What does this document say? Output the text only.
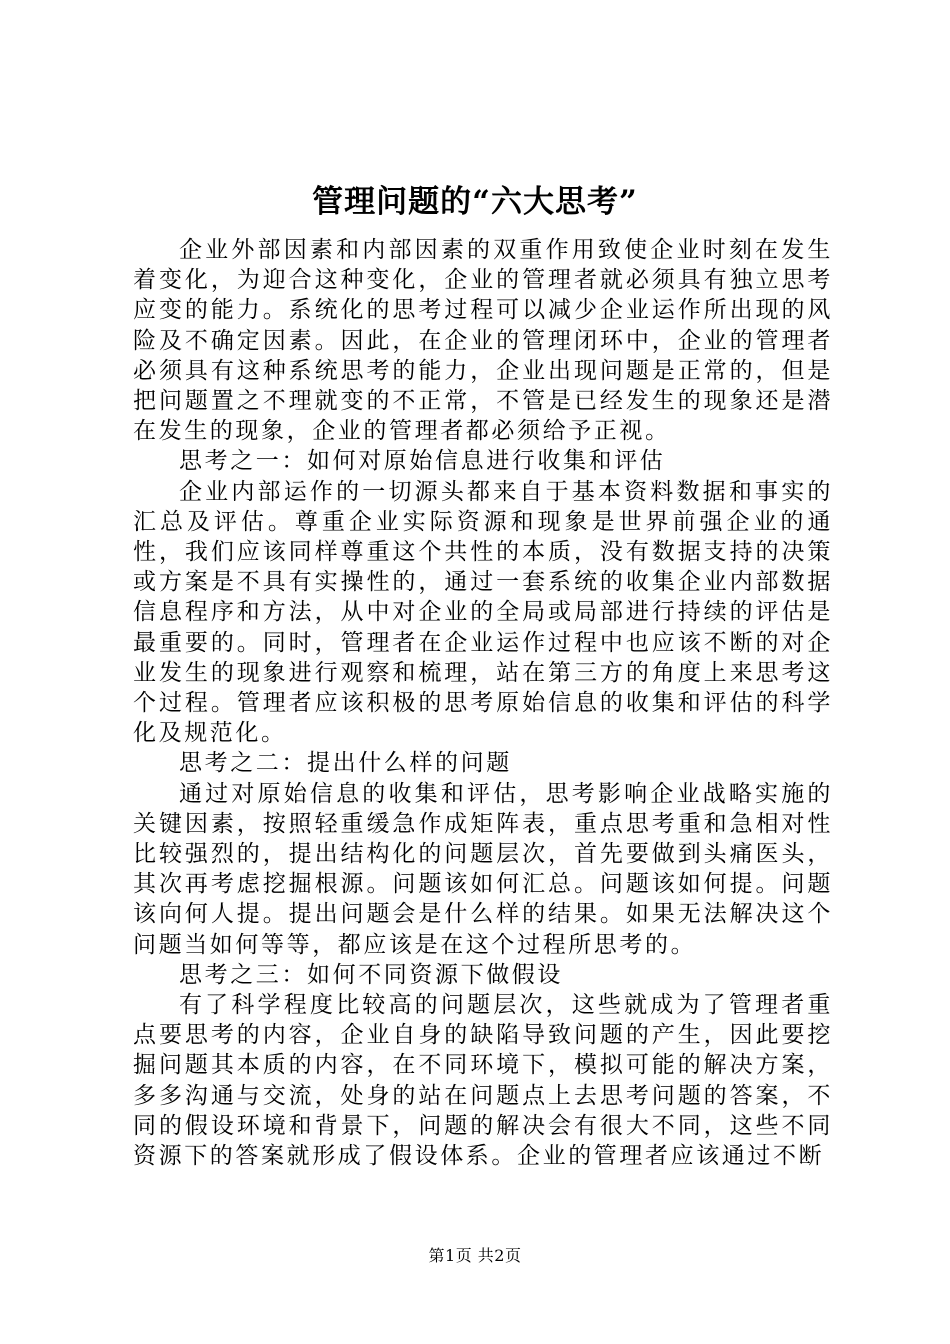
管理问题的“六大思考”

企业外部因素和内部因素的双重作用致使企业时刻在发生着变化，为迎合这种变化，企业的管理者就必须具有独立思考应变的能力。系统化的思考过程可以减少企业运作所出现的风险及不确定因素。因此，在企业的管理闭环中，企业的管理者必须具有这种系统思考的能力，企业出现问题是正常的，但是把问题置之不理就变的不正常，不管是已经发生的现象还是潜在发生的现象，企业的管理者都必须给予正视。

思考之一：如何对原始信息进行收集和评估

企业内部运作的一切源头都来自于基本资料数据和事实的汇总及评估。尊重企业实际资源和现象是世界前强企业的通性，我们应该同样尊重这个共性的本质，没有数据支持的决策或方案是不具有实操性的，通过一套系统的收集企业内部数据信息程序和方法，从中对企业的全局或局部进行持续的评估是最重要的。同时，管理者在企业运作过程中也应该不断的对企业发生的现象进行观察和梳理，站在第三方的角度上来思考这个过程。管理者应该积极的思考原始信息的收集和评估的科学化及规范化。

思考之二：提出什么样的问题

通过对原始信息的收集和评估，思考影响企业战略实施的关键因素，按照轻重缓急作成矩阵表，重点思考重和急相对性比较强烈的，提出结构化的问题层次，首先要做到头痛医头，其次再考虑挖掘根源。问题该如何汇总。问题该如何提。问题该向何人提。提出问题会是什么样的结果。如果无法解决这个问题当如何等等，都应该是在这个过程所思考的。

思考之三：如何不同资源下做假设

有了科学程度比较高的问题层次，这些就成为了管理者重点要思考的内容，企业自身的缺陷导致问题的产生，因此要挖掘问题其本质的内容，在不同环境下，模拟可能的解决方案，多多沟通与交流，处身的站在问题点上去思考问题的答案，不同的假设环境和背景下，问题的解决会有很大不同，这些不同资源下的答案就形成了假设体系。企业的管理者应该通过不断

第1页 共2页
